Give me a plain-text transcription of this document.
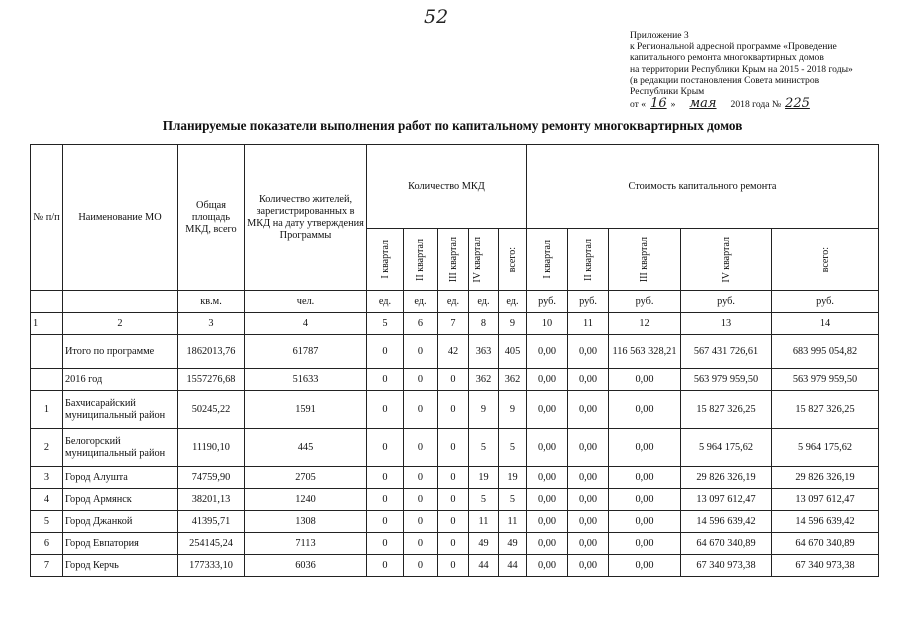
52
Приложение 3
к Региональной адресной программе «Проведение
капитального ремонта многоквартирных домов
на территории Республики Крым на 2015 - 2018 годы»
(в редакции постановления Совета министров
Республики Крым
от « 16 » мая 2018 года № 225
Планируемые показатели выполнения работ по капитальному ремонту многоквартирных домов
№ п/п	Наименование МО	Общая площадь МКД, всего	Количество жителей, зарегистрированных в МКД на дату утверждения Программы	Количество МКД					Стоимость капитального ремонта				

				I квартал	II квартал	III квартал	IV квартал	всего:	I квартал	II квартал	III квартал	IV квартал	всего:

		кв.м.	чел.	ед.	ед.	ед.	ед.	ед.	руб.	руб.	руб.	руб.	руб.
1	2	3	4	5	6	7	8	9	10	11	12	13	14
	Итого по программе	1862013,76	61787	0	0	42	363	405	0,00	0,00	116 563 328,21	567 431 726,61	683 995 054,82
	2016 год	1557276,68	51633	0	0	0	362	362	0,00	0,00	0,00	563 979 959,50	563 979 959,50
1	Бахчисарайский муниципальный район	50245,22	1591	0	0	0	9	9	0,00	0,00	0,00	15 827 326,25	15 827 326,25
2	Белогорский муниципальный район	11190,10	445	0	0	0	5	5	0,00	0,00	0,00	5 964 175,62	5 964 175,62
3	Город Алушта	74759,90	2705	0	0	0	19	19	0,00	0,00	0,00	29 826 326,19	29 826 326,19
4	Город Армянск	38201,13	1240	0	0	0	5	5	0,00	0,00	0,00	13 097 612,47	13 097 612,47
5	Город Джанкой	41395,71	1308	0	0	0	11	11	0,00	0,00	0,00	14 596 639,42	14 596 639,42
6	Город Евпатория	254145,24	7113	0	0	0	49	49	0,00	0,00	0,00	64 670 340,89	64 670 340,89
7	Город Керчь	177333,10	6036	0	0	0	44	44	0,00	0,00	0,00	67 340 973,38	67 340 973,38
